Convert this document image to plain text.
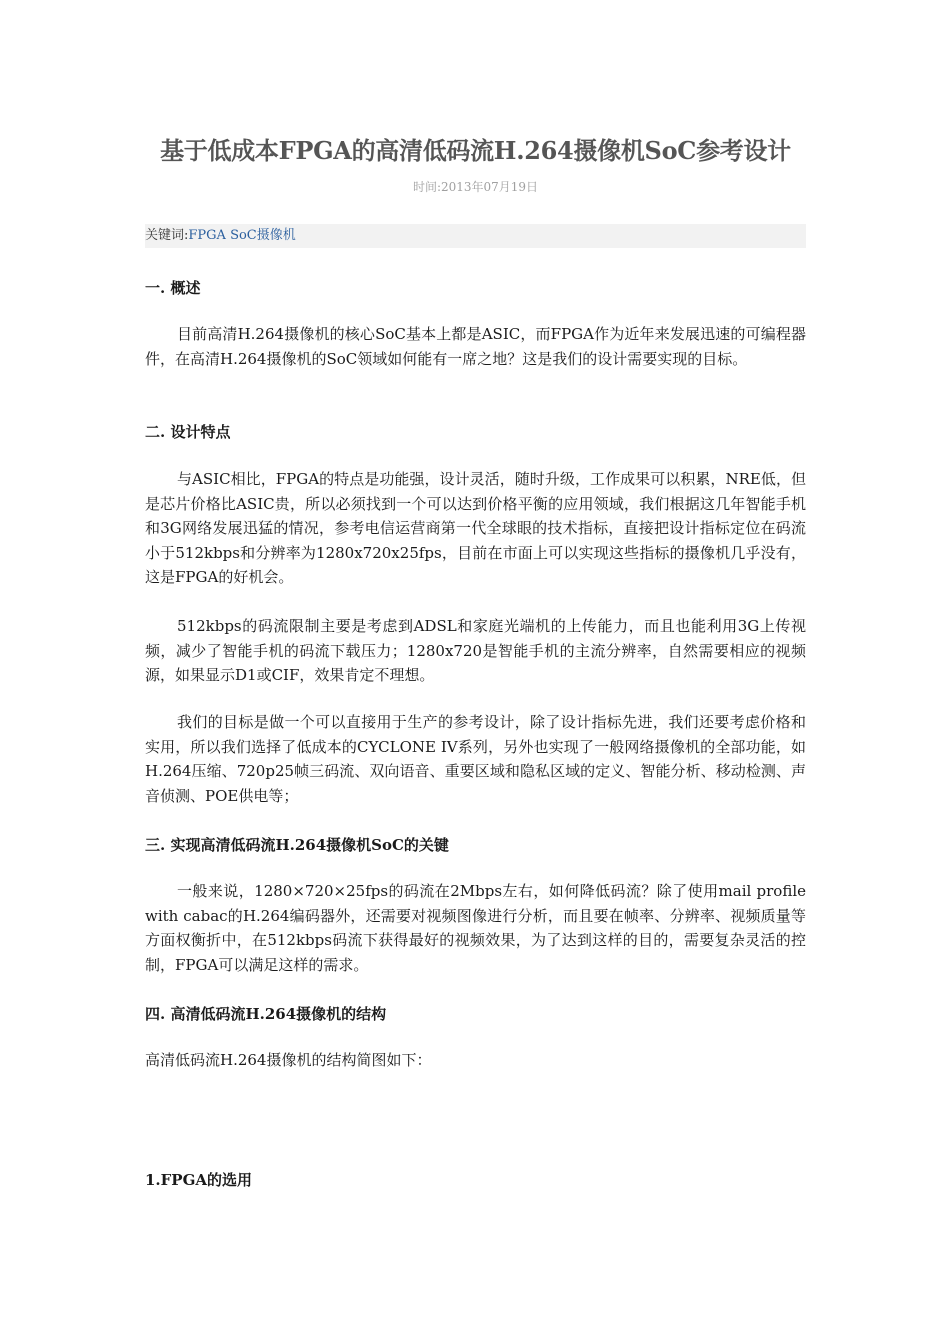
基于低成本FPGA的高清低码流H.264摄像机SoC参考设计
时间:2013年07月19日
关键词:FPGA SoC摄像机
一. 概述

目前高清H.264摄像机的核心SoC基本上都是ASIC，而FPGA作为近年来发展迅速的可编程器件，在高清H.264摄像机的SoC领域如何能有一席之地？这是我们的设计需要实现的目标。

二. 设计特点

与ASIC相比，FPGA的特点是功能强，设计灵活，随时升级，工作成果可以积累，NRE低，但是芯片价格比ASIC贵，所以必须找到一个可以达到价格平衡的应用领域，我们根据这几年智能手机和3G网络发展迅猛的情况，参考电信运营商第一代全球眼的技术指标，直接把设计指标定位在码流小于512kbps和分辨率为1280x720x25fps，目前在市面上可以实现这些指标的摄像机几乎没有，这是FPGA的好机会。

512kbps的码流限制主要是考虑到ADSL和家庭光端机的上传能力，而且也能利用3G上传视频，减少了智能手机的码流下载压力；1280x720是智能手机的主流分辨率，自然需要相应的视频源，如果显示D1或CIF，效果肯定不理想。

我们的目标是做一个可以直接用于生产的参考设计，除了设计指标先进，我们还要考虑价格和实用，所以我们选择了低成本的CYCLONE IV系列，另外也实现了一般网络摄像机的全部功能，如H.264压缩、720p25帧三码流、双向语音、重要区域和隐私区域的定义、智能分析、移动检测、声音侦测、POE供电等；

三. 实现高清低码流H.264摄像机SoC的关键

一般来说，1280×720×25fps的码流在2Mbps左右，如何降低码流？除了使用mail profile with cabac的H.264编码器外，还需要对视频图像进行分析，而且要在帧率、分辨率、视频质量等方面权衡折中，在512kbps码流下获得最好的视频效果，为了达到这样的目的，需要复杂灵活的控制，FPGA可以满足这样的需求。

四. 高清低码流H.264摄像机的结构

高清低码流H.264摄像机的结构简图如下：

1.FPGA的选用
